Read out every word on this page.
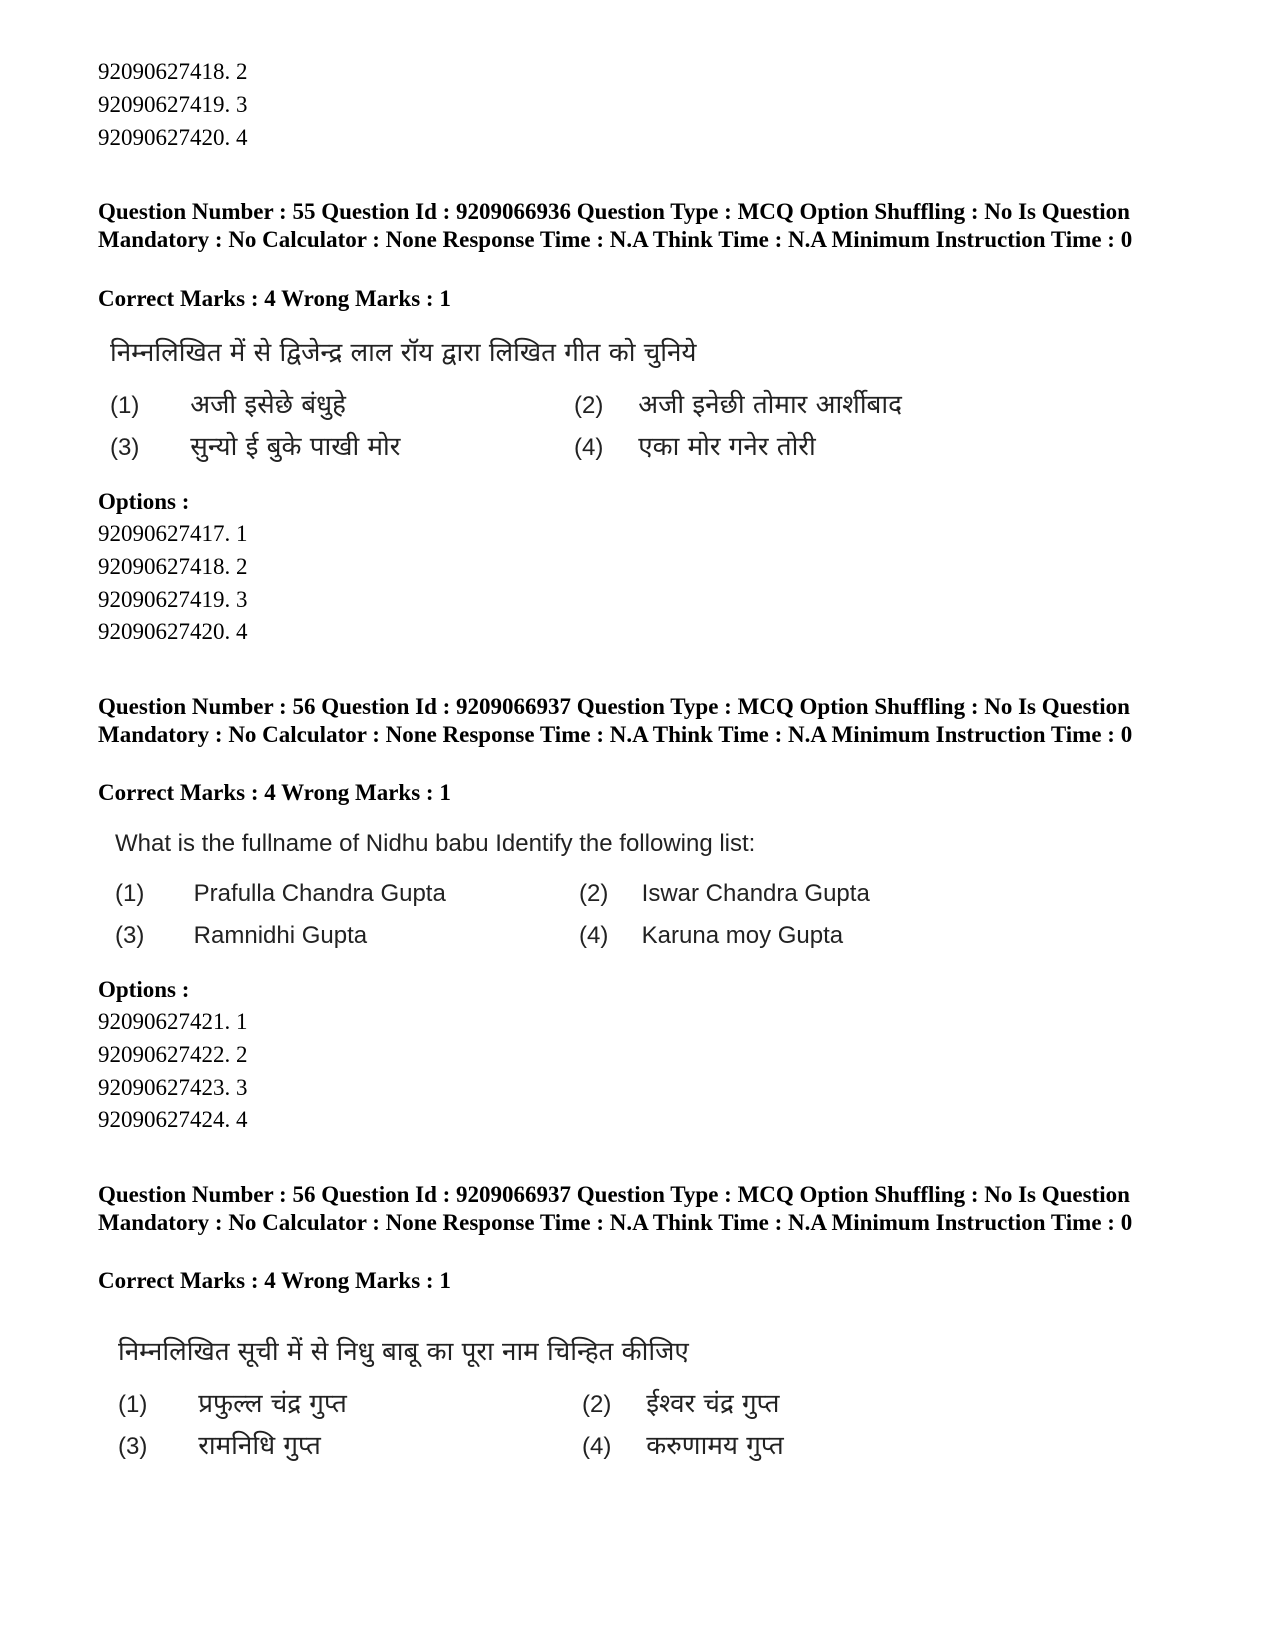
92090627418. 2
92090627419. 3
92090627420. 4
Question Number : 55 Question Id : 9209066936 Question Type : MCQ Option Shuffling : No Is Question Mandatory : No Calculator : None Response Time : N.A Think Time : N.A Minimum Instruction Time : 0
Correct Marks : 4 Wrong Marks : 1
निम्नलिखित में से द्विजेन्द्र लाल रॉय द्वारा लिखित गीत को चुनिये
(1) अजी इसेछे बंधुहे	(2) अजी इनेछी तोमार आर्शीबाद
(3) सुन्यो ई बुके पाखी मोर	(4) एका मोर गनेर तोरी
Options :
92090627417. 1
92090627418. 2
92090627419. 3
92090627420. 4
Question Number : 56 Question Id : 9209066937 Question Type : MCQ Option Shuffling : No Is Question Mandatory : No Calculator : None Response Time : N.A Think Time : N.A Minimum Instruction Time : 0
Correct Marks : 4 Wrong Marks : 1
What is the fullname of Nidhu babu Identify the following list:
(1) Prafulla Chandra Gupta	(2) Iswar Chandra Gupta
(3) Ramnidhi Gupta	(4) Karuna moy Gupta
Options :
92090627421. 1
92090627422. 2
92090627423. 3
92090627424. 4
Question Number : 56 Question Id : 9209066937 Question Type : MCQ Option Shuffling : No Is Question Mandatory : No Calculator : None Response Time : N.A Think Time : N.A Minimum Instruction Time : 0
Correct Marks : 4 Wrong Marks : 1
निम्नलिखित सूची में से निधु बाबू का पूरा नाम चिन्हित कीजिए
(1) प्रफुल्ल चंद्र गुप्त	(2) ईश्वर चंद्र गुप्त
(3) रामनिधि गुप्त	(4) करुणामय गुप्त
